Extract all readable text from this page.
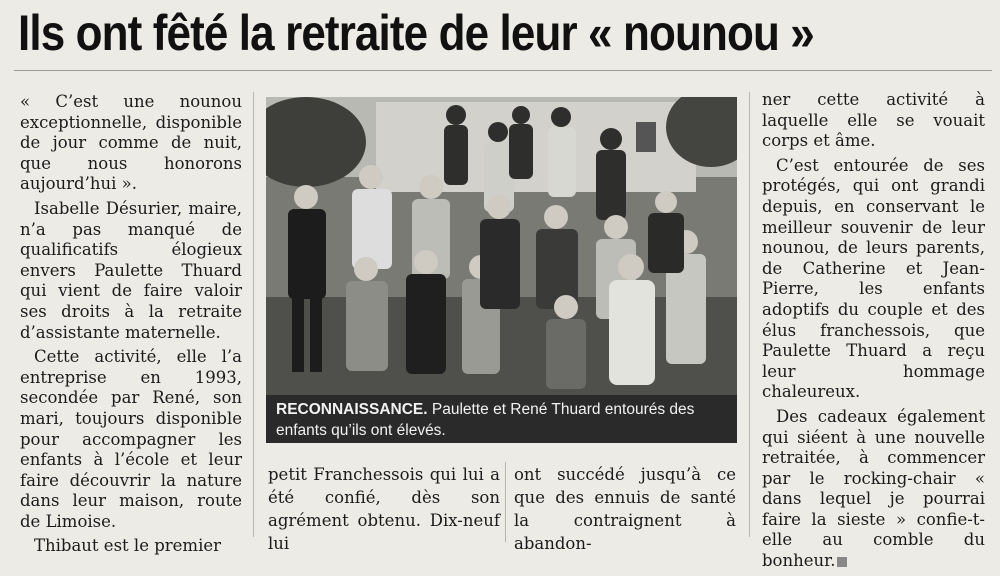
Ils ont fêté la retraite de leur « nounou »

« C’est une nounou exceptionnelle, disponible de jour comme de nuit, que nous honorons aujourd’hui ».

Isabelle Désurier, maire, n’a pas manqué de qualificatifs élogieux envers Paulette Thuard qui vient de faire valoir ses droits à la retraite d’assistante maternelle.

Cette activité, elle l’a entreprise en 1993, secondée par René, son mari, toujours disponible pour accompagner les enfants à l’école et leur faire découvrir la nature dans leur maison, route de Limoise.

Thibaut est le premier

RECONNAISSANCE. Paulette et René Thuard entourés des enfants qu’ils ont élevés.
petit Franchessois qui lui a été confié, dès son agrément obtenu. Dix-neuf lui
ont succédé jusqu’à ce que des ennuis de santé la contraignent à abandon-

ner cette activité à laquelle elle se vouait corps et âme.

C’est entourée de ses protégés, qui ont grandi depuis, en conservant le meilleur souvenir de leur nounou, de leurs parents, de Catherine et Jean-Pierre, les enfants adoptifs du couple et des élus franchessois, que Paulette Thuard a reçu leur hommage chaleureux.

Des cadeaux également qui siéent à une nouvelle retraitée, à commencer par le rocking-chair « dans lequel je pourrai faire la sieste » confie-t-elle au comble du bonheur.
